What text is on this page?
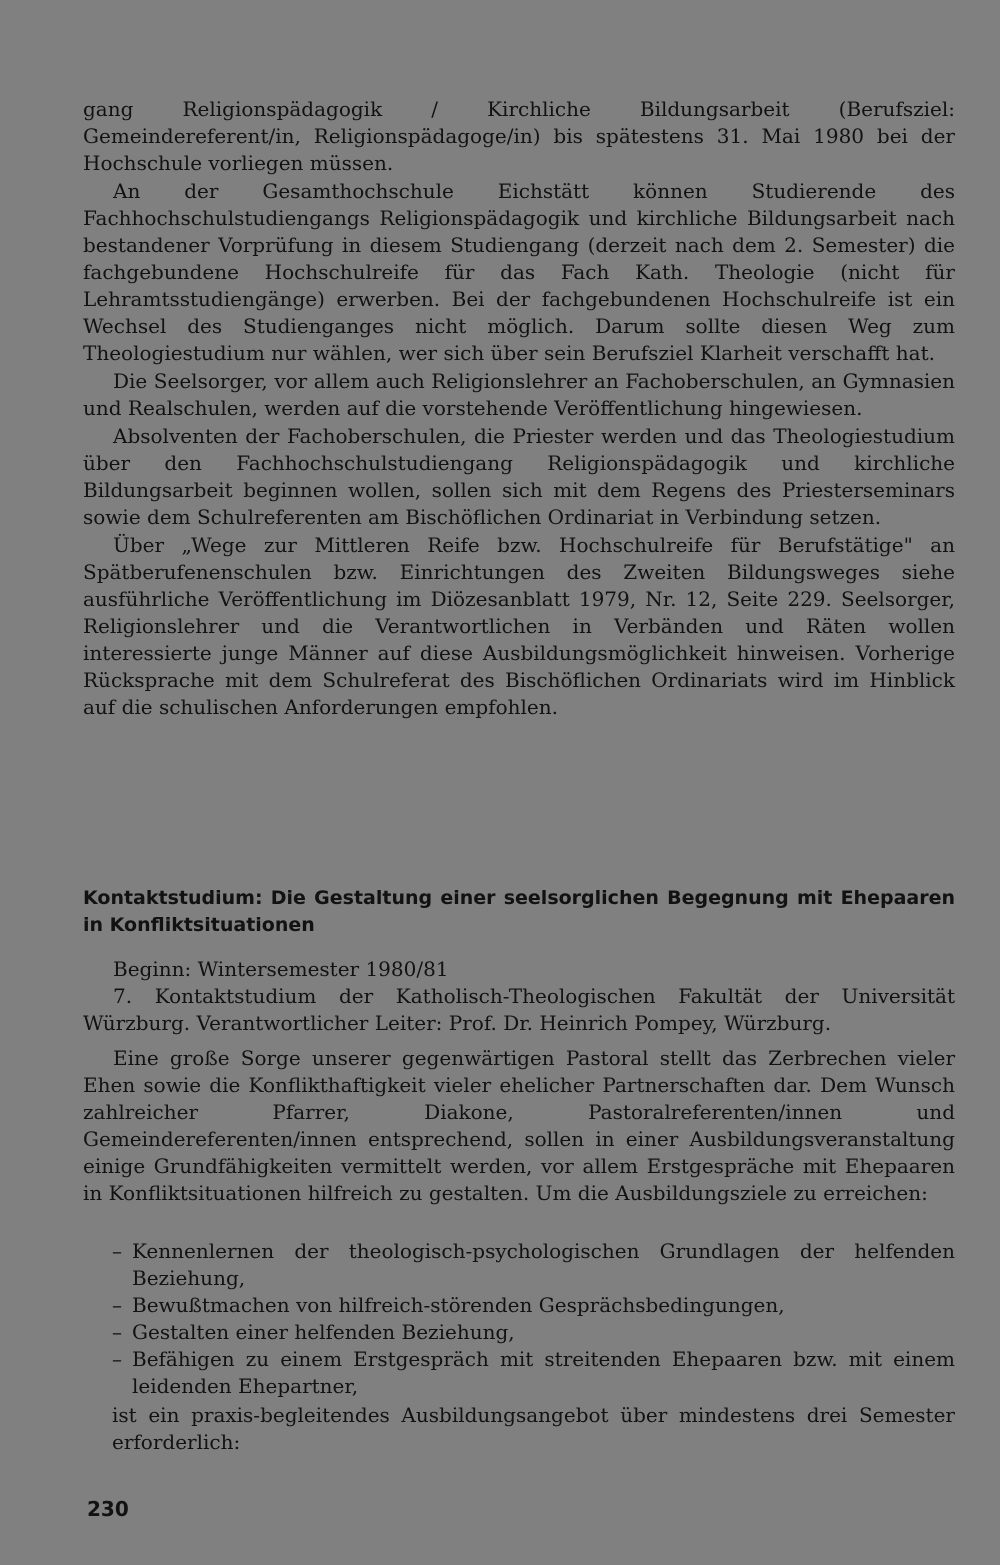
gang Religionspädagogik / Kirchliche Bildungsarbeit (Berufsziel: Gemeindereferent/in, Religionspädagoge/in) bis spätestens 31. Mai 1980 bei der Hochschule vorliegen müssen.

An der Gesamthochschule Eichstätt können Studierende des Fachhochschulstudiengangs Religionspädagogik und kirchliche Bildungsarbeit nach bestandener Vorprüfung in diesem Studiengang (derzeit nach dem 2. Semester) die fachgebundene Hochschulreife für das Fach Kath. Theologie (nicht für Lehramtsstudiengänge) erwerben. Bei der fachgebundenen Hochschulreife ist ein Wechsel des Studienganges nicht möglich. Darum sollte diesen Weg zum Theologiestudium nur wählen, wer sich über sein Berufsziel Klarheit verschafft hat.

Die Seelsorger, vor allem auch Religionslehrer an Fachoberschulen, an Gymnasien und Realschulen, werden auf die vorstehende Veröffentlichung hingewiesen.

Absolventen der Fachoberschulen, die Priester werden und das Theologiestudium über den Fachhochschulstudiengang Religionspädagogik und kirchliche Bildungsarbeit beginnen wollen, sollen sich mit dem Regens des Priesterseminars sowie dem Schulreferenten am Bischöflichen Ordinariat in Verbindung setzen.

Über „Wege zur Mittleren Reife bzw. Hochschulreife für Berufstätige" an Spätberufenenschulen bzw. Einrichtungen des Zweiten Bildungsweges siehe ausführliche Veröffentlichung im Diözesanblatt 1979, Nr. 12, Seite 229. Seelsorger, Religionslehrer und die Verantwortlichen in Verbänden und Räten wollen interessierte junge Männer auf diese Ausbildungsmöglichkeit hinweisen. Vorherige Rücksprache mit dem Schulreferat des Bischöflichen Ordinariats wird im Hinblick auf die schulischen Anforderungen empfohlen.

Kontaktstudium: Die Gestaltung einer seelsorglichen Begegnung mit Ehepaaren in Konfliktsituationen

Beginn: Wintersemester 1980/81

7. Kontaktstudium der Katholisch-Theologischen Fakultät der Universität Würzburg. Verantwortlicher Leiter: Prof. Dr. Heinrich Pompey, Würzburg.

Eine große Sorge unserer gegenwärtigen Pastoral stellt das Zerbrechen vieler Ehen sowie die Konflikthaftigkeit vieler ehelicher Partnerschaften dar. Dem Wunsch zahlreicher Pfarrer, Diakone, Pastoralreferenten/innen und Gemeindereferenten/innen entsprechend, sollen in einer Ausbildungsveranstaltung einige Grundfähigkeiten vermittelt werden, vor allem Erstgespräche mit Ehepaaren in Konfliktsituationen hilfreich zu gestalten. Um die Ausbildungsziele zu erreichen:

– Kennenlernen der theologisch-psychologischen Grundlagen der helfenden Beziehung,
– Bewußtmachen von hilfreich-störenden Gesprächsbedingungen,
– Gestalten einer helfenden Beziehung,
– Befähigen zu einem Erstgespräch mit streitenden Ehepaaren bzw. mit einem leidenden Ehepartner,

ist ein praxis-begleitendes Ausbildungsangebot über mindestens drei Semester erforderlich:

230
